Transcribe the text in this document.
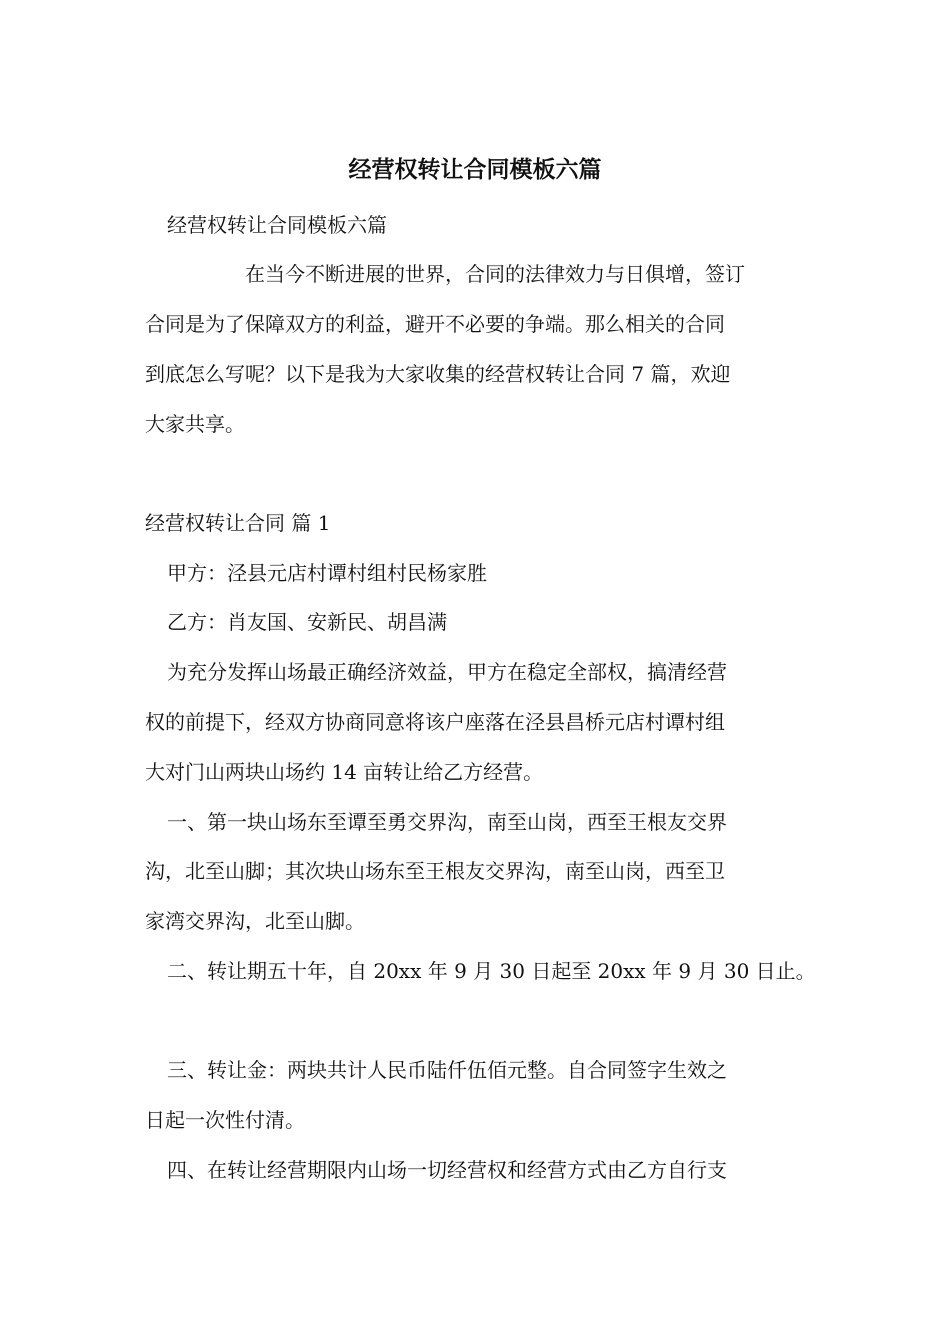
经营权转让合同模板六篇

经营权转让合同模板六篇

在当今不断进展的世界，合同的法律效力与日俱增，签订

合同是为了保障双方的利益，避开不必要的争端。那么相关的合同

到底怎么写呢？以下是我为大家收集的经营权转让合同 7 篇，欢迎

大家共享。

经营权转让合同 篇 1

甲方：泾县元店村谭村组村民杨家胜

乙方：肖友国、安新民、胡昌满

为充分发挥山场最正确经济效益，甲方在稳定全部权，搞清经营

权的前提下，经双方协商同意将该户座落在泾县昌桥元店村谭村组

大对门山两块山场约 14 亩转让给乙方经营。

一、第一块山场东至谭至勇交界沟，南至山岗，西至王根友交界

沟，北至山脚；其次块山场东至王根友交界沟，南至山岗，西至卫

家湾交界沟，北至山脚。

二、转让期五十年，自 20xx 年 9 月 30 日起至 20xx 年 9 月 30 日止。

三、转让金：两块共计人民币陆仟伍佰元整。自合同签字生效之

日起一次性付清。

四、在转让经营期限内山场一切经营权和经营方式由乙方自行支
